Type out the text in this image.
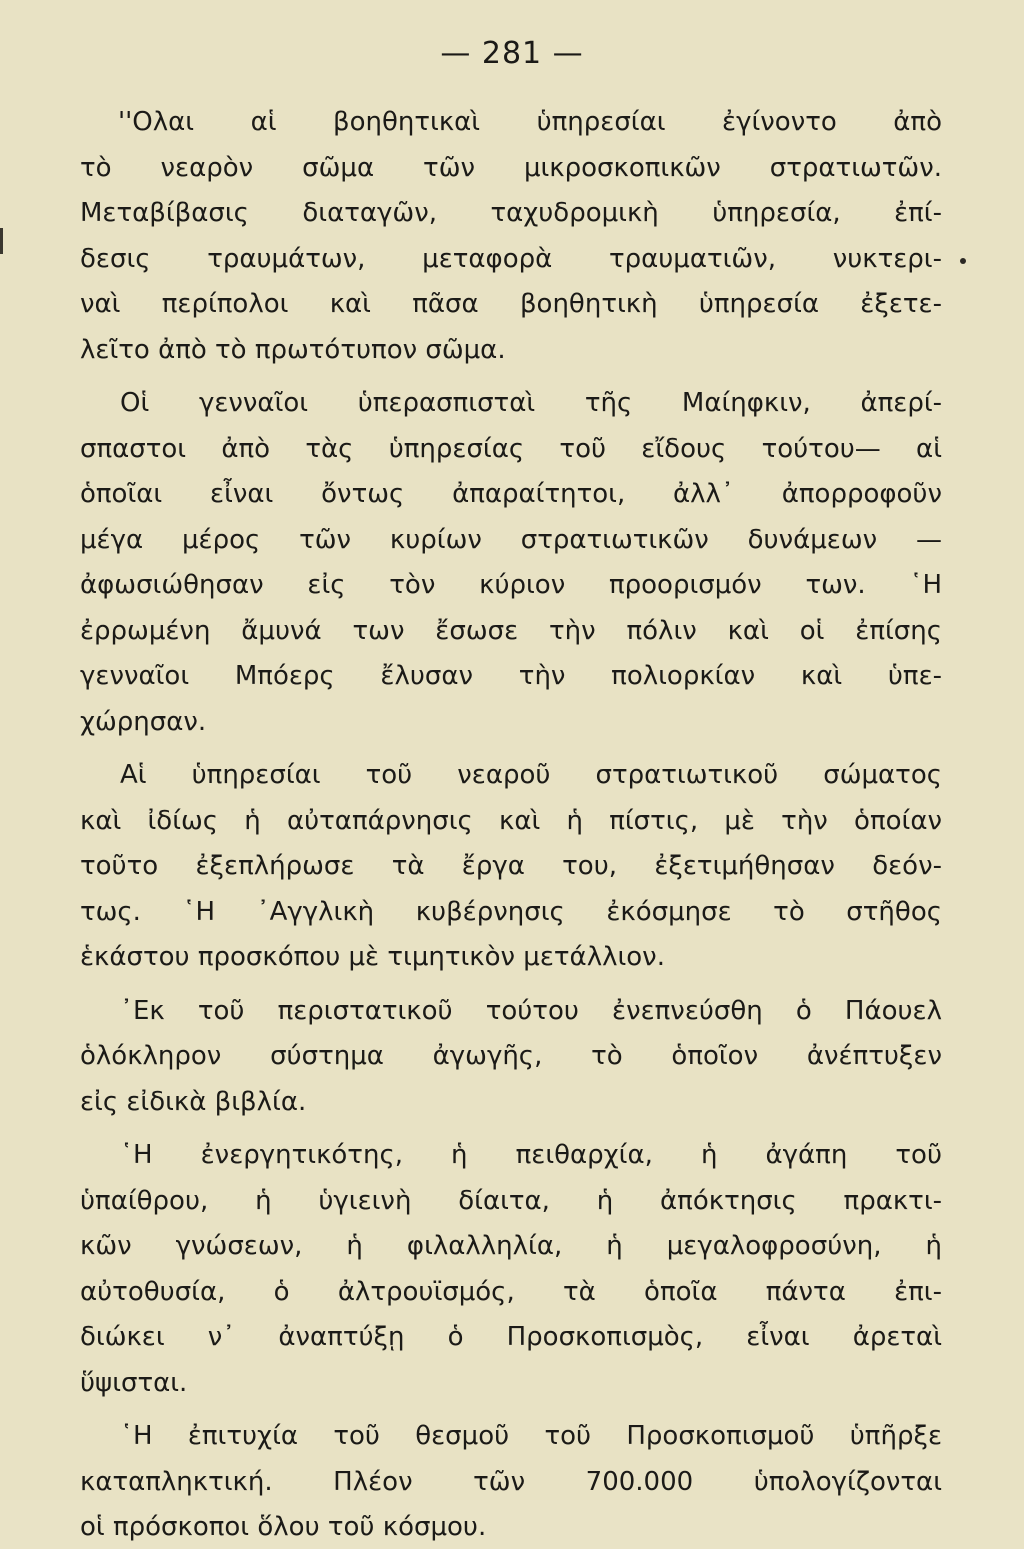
— 281 —
''Ολαι αἱ βοηθητικαὶ ὑπηρεσίαι ἐγίνοντο ἀπὸ
τὸ νεαρὸν σῶμα τῶν μικροσκοπικῶν στρατιωτῶν.
Μεταβίβασις διαταγῶν, ταχυδρομικὴ ὑπηρεσία, ἐπί-
δεσις τραυμάτων, μεταφορὰ τραυματιῶν, νυκτερι-
ναὶ περίπολοι καὶ πᾶσα βοηθητικὴ ὑπηρεσία ἐξετε-
λεῖτο ἀπὸ τὸ πρωτότυπον σῶμα.
Οἱ γενναῖοι ὑπερασπισταὶ τῆς Μαίηφκιν, ἀπερί-
σπαστοι ἀπὸ τὰς ὑπηρεσίας τοῦ εἴδους τούτου— αἱ
ὁποῖαι εἶναι ὄντως ἀπαραίτητοι, ἀλλ᾿ ἀπορροφοῦν
μέγα μέρος τῶν κυρίων στρατιωτικῶν δυνάμεων —
ἀφωσιώθησαν εἰς τὸν κύριον προορισμόν των. ῾Η
ἐρρωμένη ἄμυνά των ἔσωσε τὴν πόλιν καὶ οἱ ἐπίσης
γενναῖοι Μπόερς ἔλυσαν τὴν πολιορκίαν καὶ ὑπε-
χώρησαν.
Αἱ ὑπηρεσίαι τοῦ νεαροῦ στρατιωτικοῦ σώματος
καὶ ἰδίως ἡ αὐταπάρνησις καὶ ἡ πίστις, μὲ τὴν ὁποίαν
τοῦτο ἐξεπλήρωσε τὰ ἔργα του, ἐξετιμήθησαν δεόν-
τως. ῾Η ᾿Αγγλικὴ κυβέρνησις ἐκόσμησε τὸ στῆθος
ἑκάστου προσκόπου μὲ τιμητικὸν μετάλλιον.
᾿Εκ τοῦ περιστατικοῦ τούτου ἐνεπνεύσθη ὁ Πάουελ
ὁλόκληρον σύστημα ἀγωγῆς, τὸ ὁποῖον ἀνέπτυξεν
εἰς εἰδικὰ βιβλία.
῾Η ἐνεργητικότης, ἡ πειθαρχία, ἡ ἀγάπη τοῦ
ὑπαίθρου, ἡ ὑγιεινὴ δίαιτα, ἡ ἀπόκτησις πρακτι-
κῶν γνώσεων, ἡ φιλαλληλία, ἡ μεγαλοφροσύνη, ἡ
αὐτοθυσία, ὁ ἀλτρουϊσμός, τὰ ὁποῖα πάντα ἐπι-
διώκει ν᾿ ἀναπτύξῃ ὁ Προσκοπισμὸς, εἶναι ἀρεταὶ
ὕψισται.
῾Η ἐπιτυχία τοῦ θεσμοῦ τοῦ Προσκοπισμοῦ ὑπῆρξε
καταπληκτική. Πλέον τῶν 700.000 ὑπολογίζονται
οἱ πρόσκοποι ὅλου τοῦ κόσμου.
